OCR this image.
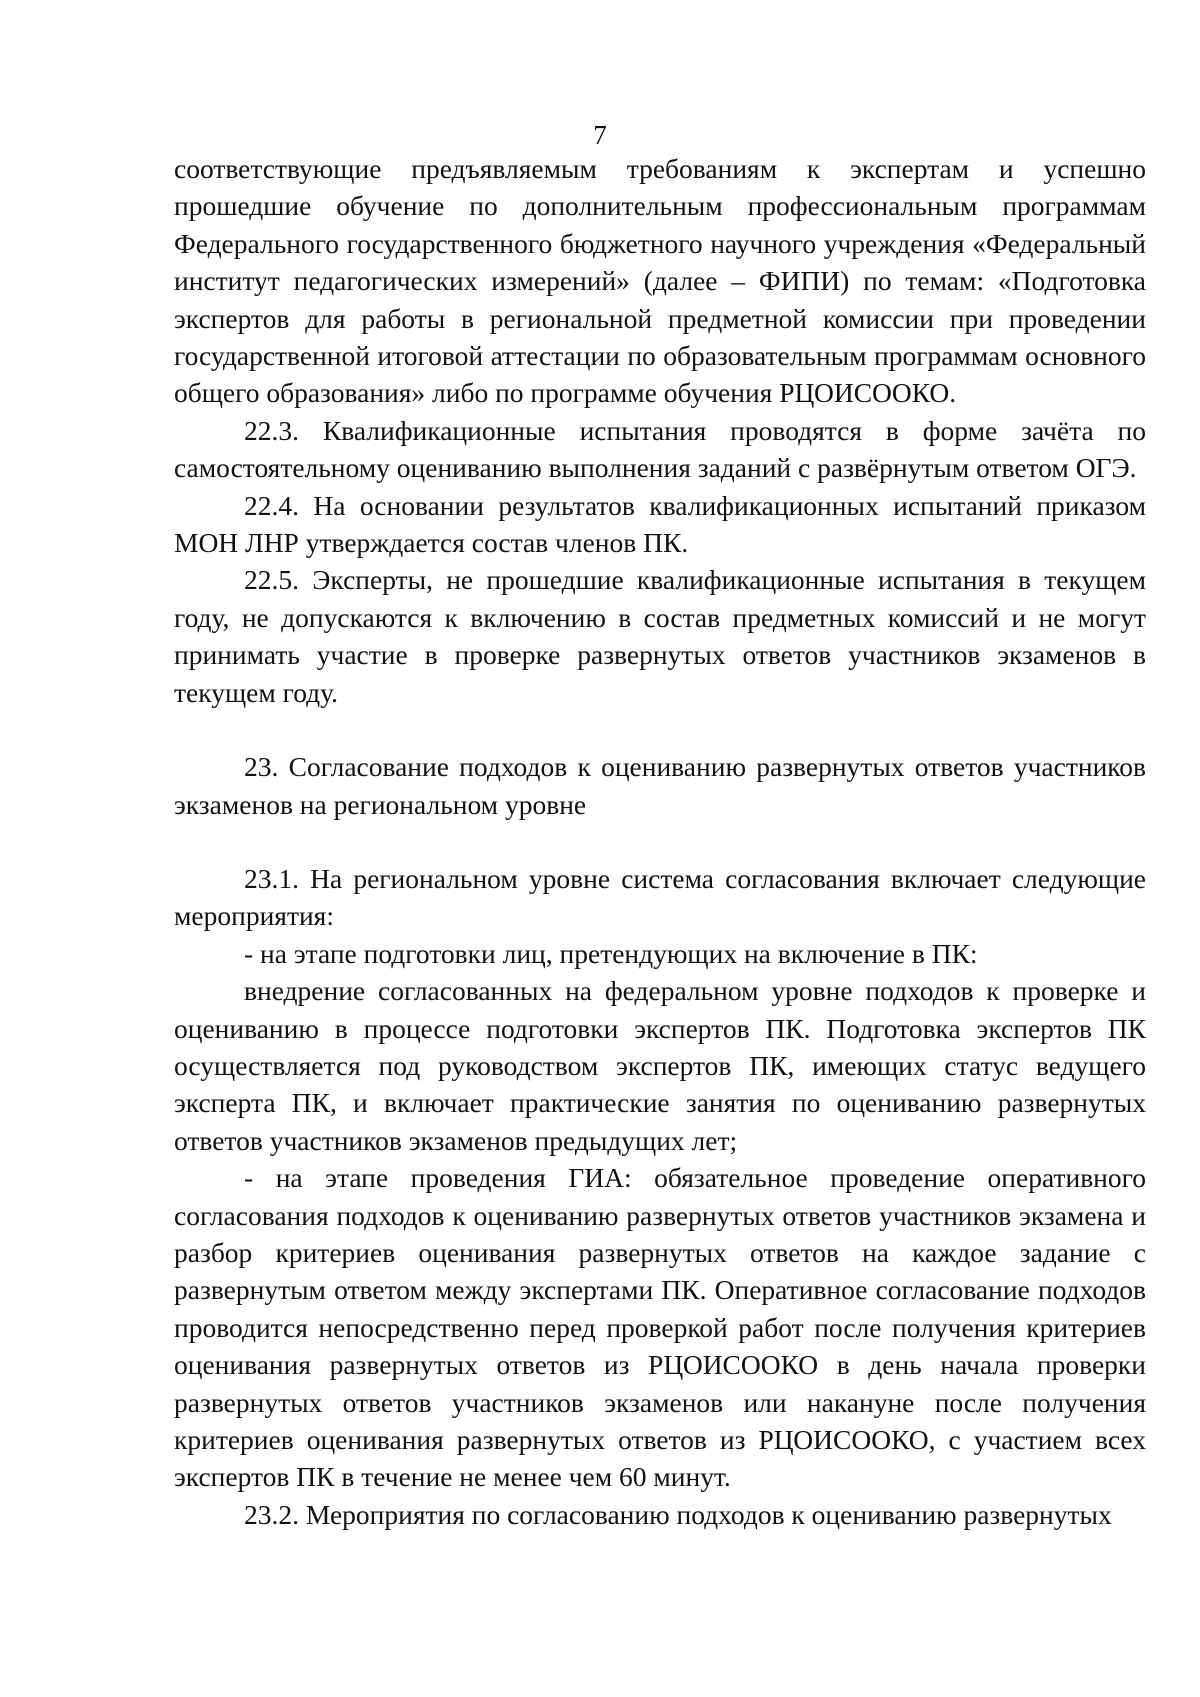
7

соответствующие предъявляемым требованиям к экспертам и успешно прошедшие обучение по дополнительным профессиональным программам Федерального государственного бюджетного научного учреждения «Федеральный институт педагогических измерений» (далее – ФИПИ) по темам: «Подготовка экспертов для работы в региональной предметной комиссии при проведении государственной итоговой аттестации по образовательным программам основного общего образования» либо по программе обучения РЦОИСООКО.

22.3. Квалификационные испытания проводятся в форме зачёта по самостоятельному оцениванию выполнения заданий с развёрнутым ответом ОГЭ.

22.4. На основании результатов квалификационных испытаний приказом МОН ЛНР утверждается состав членов ПК.

22.5. Эксперты, не прошедшие квалификационные испытания в текущем году, не допускаются к включению в состав предметных комиссий и не могут принимать участие в проверке развернутых ответов участников экзаменов в текущем году.

23. Согласование подходов к оцениванию развернутых ответов участников экзаменов на региональном уровне

23.1. На региональном уровне система согласования включает следующие мероприятия:

- на этапе подготовки лиц, претендующих на включение в ПК:

внедрение согласованных на федеральном уровне подходов к проверке и оцениванию в процессе подготовки экспертов ПК. Подготовка экспертов ПК осуществляется под руководством экспертов ПК, имеющих статус ведущего эксперта ПК, и включает практические занятия по оцениванию развернутых ответов участников экзаменов предыдущих лет;

- на этапе проведения ГИА: обязательное проведение оперативного согласования подходов к оцениванию развернутых ответов участников экзамена и разбор критериев оценивания развернутых ответов на каждое задание с развернутым ответом между экспертами ПК. Оперативное согласование подходов проводится непосредственно перед проверкой работ после получения критериев оценивания развернутых ответов из РЦОИСООКО в день начала проверки развернутых ответов участников экзаменов или накануне после получения критериев оценивания развернутых ответов из РЦОИСООКО, с участием всех экспертов ПК в течение не менее чем 60 минут.

23.2. Мероприятия по согласованию подходов к оцениванию развернутых
